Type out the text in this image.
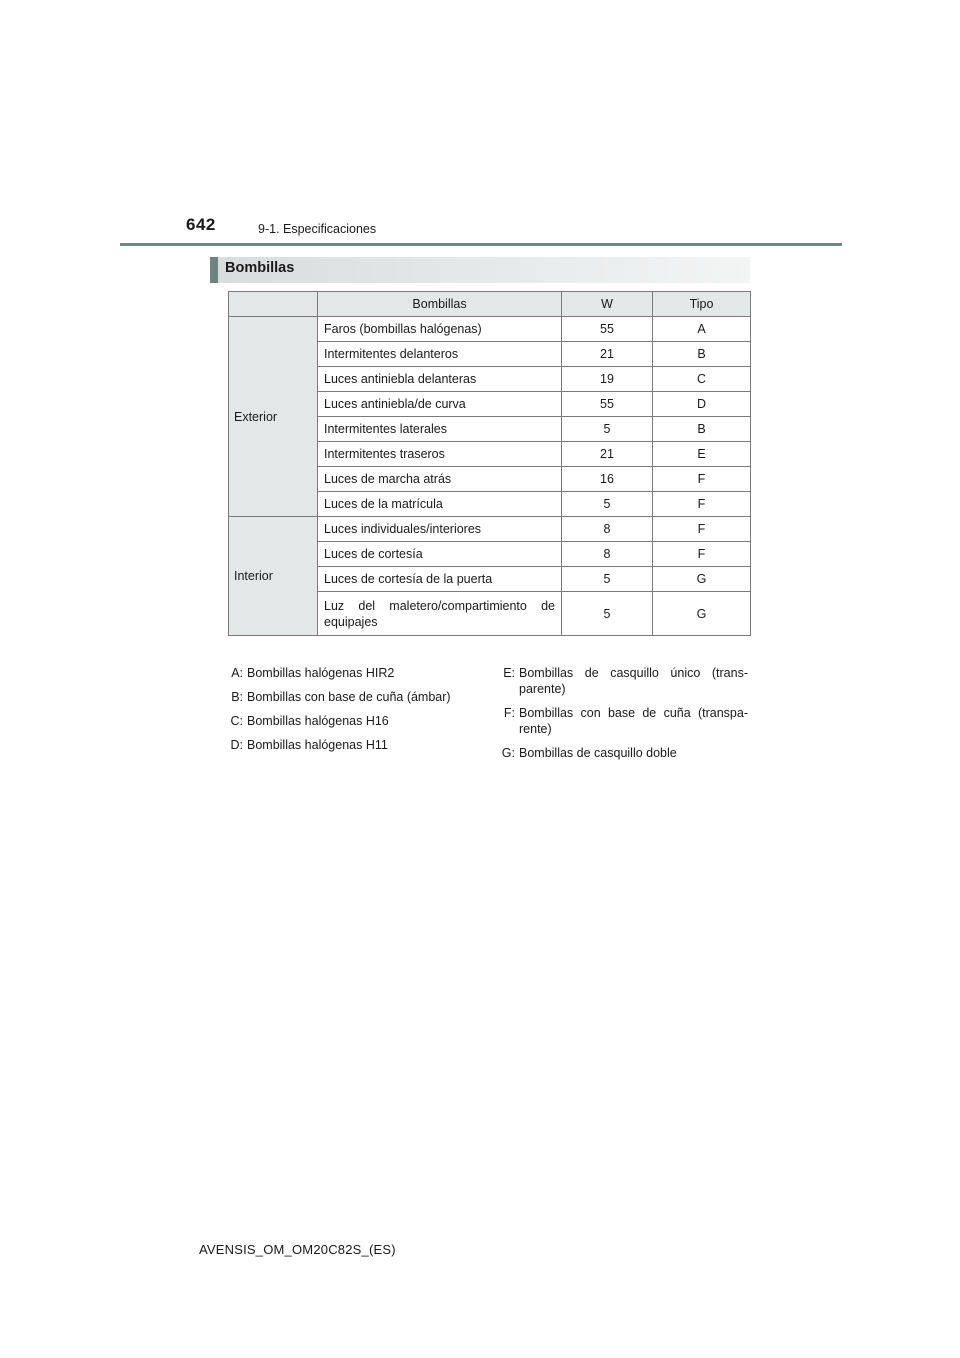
642	9-1. Especificaciones
Bombillas
	Bombillas	W	Tipo
Exterior	Faros (bombillas halógenas)	55	A
	Intermitentes delanteros	21	B
	Luces antiniebla delanteras	19	C
	Luces antiniebla/de curva	55	D
	Intermitentes laterales	5	B
	Intermitentes traseros	21	E
	Luces de marcha atrás	16	F
	Luces de la matrícula	5	F
Interior	Luces individuales/interiores	8	F
	Luces de cortesía	8	F
	Luces de cortesía de la puerta	5	G
	Luz del maletero/compartimiento de equipajes	5	G
A: Bombillas halógenas HIR2
B: Bombillas con base de cuña (ámbar)
C: Bombillas halógenas H16
D: Bombillas halógenas H11
E: Bombillas de casquillo único (trans-parente)
F: Bombillas con base de cuña (transpa-rente)
G: Bombillas de casquillo doble
AVENSIS_OM_OM20C82S_(ES)
